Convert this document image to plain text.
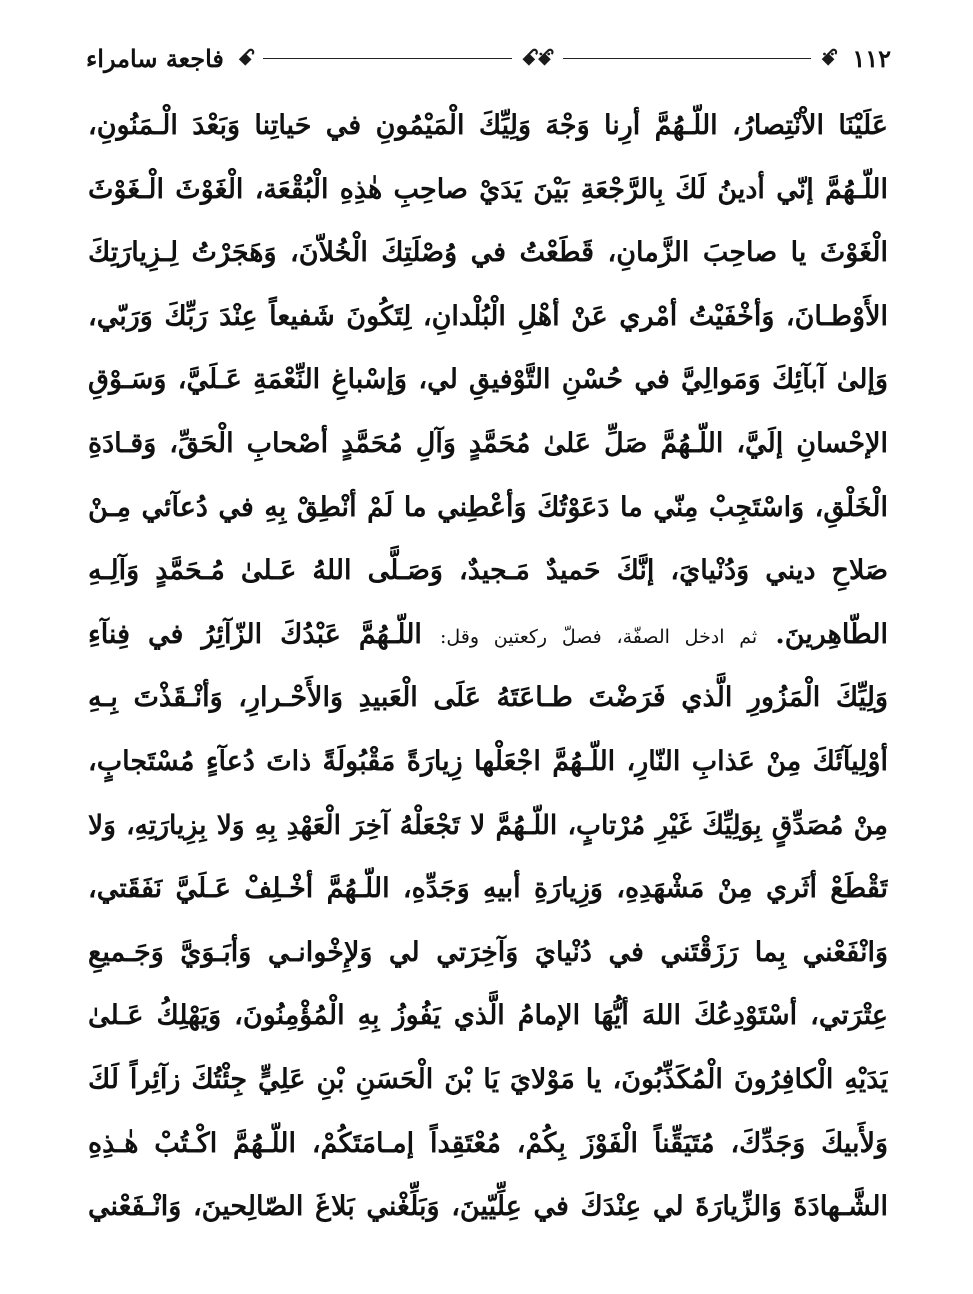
١١٢
ꗄ
ꗃꗄ
ꗃ
فاجعة سامراء
عَلَيْنَا الاْنْتِصارُ، اللّـهُمَّ أرِنا وَجْهَ وَلِيِّكَ الْمَيْمُونِ في حَياتِنا وَبَعْدَ الْـمَنُونِ،
اللّـهُمَّ إنّي أدينُ لَكَ بِالرَّجْعَةِ بَيْنَ يَدَيْ صاحِبِ هٰذِهِ الْبُقْعَة، الْغَوْثَ الْـغَوْثَ
الْغَوْثَ يا صاحِبَ الزَّمانِ، قَطَعْتُ في وُصْلَتِكَ الْخُلاّنَ، وَهَجَرْتُ لِـزِيارَتِكَ
الأَوْطـانَ، وَأخْفَيْتُ أمْري عَنْ أهْلِ الْبُلْدانِ، لِتَكُونَ شَفيعاً عِنْدَ رَبِّكَ وَرَبّي،
وَإلىٰ آبآئِكَ وَمَوالِيَّ في حُسْنِ التَّوْفيقِ لي، وَإسْباغِ النِّعْمَةِ عَـلَيَّ، وَسَـوْقِ
الإحْسانِ إلَيَّ، اللّـهُمَّ صَلِّ عَلىٰ مُحَمَّدٍ وَآلِ مُحَمَّدٍ أصْحابِ الْحَقِّ، وَقـادَةِ
الْخَلْقِ، وَاسْتَجِبْ مِنّي ما دَعَوْتُكَ وَأعْطِني ما لَمْ أنْطِقْ بِهِ في دُعآئي مِـنْ
صَلاحِ ديني وَدُنْيايَ، إنَّكَ حَميدٌ مَـجيدٌ، وَصَـلَّى اللهُ عَـلىٰ مُـحَمَّدٍ وَآلِـهِ
الطّاهِرينَ. ثم ادخل الصفّة، فصلّ ركعتين وقل: اللّـهُمَّ عَبْدُكَ الزّآئِرُ في فِنآءِ
وَلِيِّكَ الْمَزُورِ الَّذي فَرَضْتَ طـاعَتَهُ عَلَى الْعَبيدِ وَالأَحْـرارِ، وَأنْـقَذْتَ بِـهِ
أوْلِيآئَكَ مِنْ عَذابِ النّارِ، اللّـهُمَّ اجْعَلْها زِيارَةً مَقْبُولَةً ذاتَ دُعآءٍ مُسْتَجابٍ،
مِنْ مُصَدِّقٍ بِوَلِيِّكَ غَيْرِ مُرْتابٍ، اللّـهُمَّ لا تَجْعَلْهُ آخِرَ الْعَهْدِ بِهِ وَلا بِزِيارَتِهِ، وَلا
تَقْطَعْ أثَري مِنْ مَشْهَدِهِ، وَزِيارَةِ أبيهِ وَجَدِّهِ، اللّـهُمَّ أخْـلِفْ عَـلَيَّ نَفَقَتي،
وَانْفَعْني بِما رَزَقْتَني في دُنْيايَ وَآخِرَتي لي وَلإِخْوانـي وَأبَـوَيَّ وَجَـميعِ
عِتْرَتي، أسْتَوْدِعُكَ اللهَ أيُّهَا الإمامُ الَّذي يَفُوزُ بِهِ الْمُؤْمِنُونَ، وَيَهْلِكُ عَـلىٰ
يَدَيْهِ الْكافِرُونَ الْمُكَذِّبُونَ، يا مَوْلايَ يَا بْنَ الْحَسَنِ بْنِ عَلِيٍّ جِئْتُكَ زآئِراً لَكَ
وَلأَبيكَ وَجَدِّكَ، مُتَيَقِّناً الْفَوْزَ بِكُمْ، مُعْتَقِداً إمـامَتَكُمْ، اللّـهُمَّ اكْـتُبْ هٰـذِهِ
الشَّـهادَةَ وَالزِّيارَةَ لي عِنْدَكَ في عِلِّيّينَ، وَبَلِّغْني بَلاغَ الصّالِحينَ، وَانْـفَعْني
